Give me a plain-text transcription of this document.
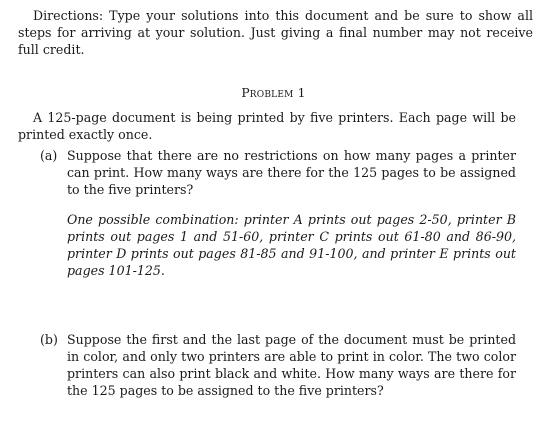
Directions: Type your solutions into this document and be sure to show all steps for arriving at your solution. Just giving a final number may not receive full credit.
Problem 1
A 125-page document is being printed by five printers. Each page will be printed exactly once.
(a) Suppose that there are no restrictions on how many pages a printer can print. How many ways are there for the 125 pages to be assigned to the five printers?
One possible combination: printer A prints out pages 2-50, printer B prints out pages 1 and 51-60, printer C prints out 61-80 and 86-90, printer D prints out pages 81-85 and 91-100, and printer E prints out pages 101-125.
(b) Suppose the first and the last page of the document must be printed in color, and only two printers are able to print in color. The two color printers can also print black and white. How many ways are there for the 125 pages to be assigned to the five printers?
